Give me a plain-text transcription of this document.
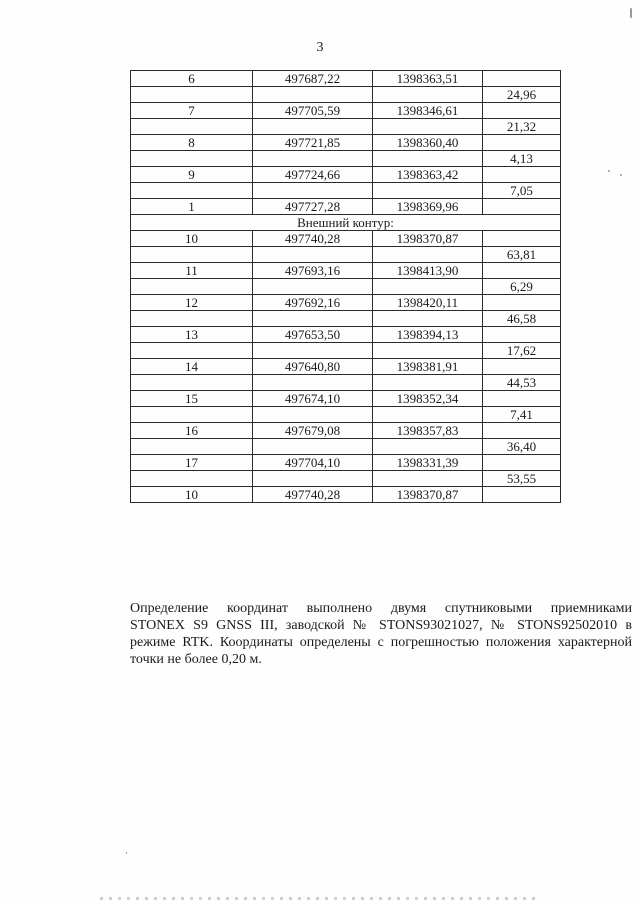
3
6	497687,22	1398363,51	
			24,96
7	497705,59	1398346,61	
			21,32
8	497721,85	1398360,40	
			4,13
9	497724,66	1398363,42	
			7,05
1	497727,28	1398369,96	
Внешний контур:			
10	497740,28	1398370,87	
			63,81
11	497693,16	1398413,90	
			6,29
12	497692,16	1398420,11	
			46,58
13	497653,50	1398394,13	
			17,62
14	497640,80	1398381,91	
			44,53
15	497674,10	1398352,34	
			7,41
16	497679,08	1398357,83	
			36,40
17	497704,10	1398331,39	
			53,55
10	497740,28	1398370,87	
Определение координат выполнено двумя спутниковыми приемниками
STONEX S9 GNSS III, заводской № STONS93021027, № STONS92502010 в
режиме RTK. Координаты определены с погрешностью положения характерной
точки не более 0,20 м.
